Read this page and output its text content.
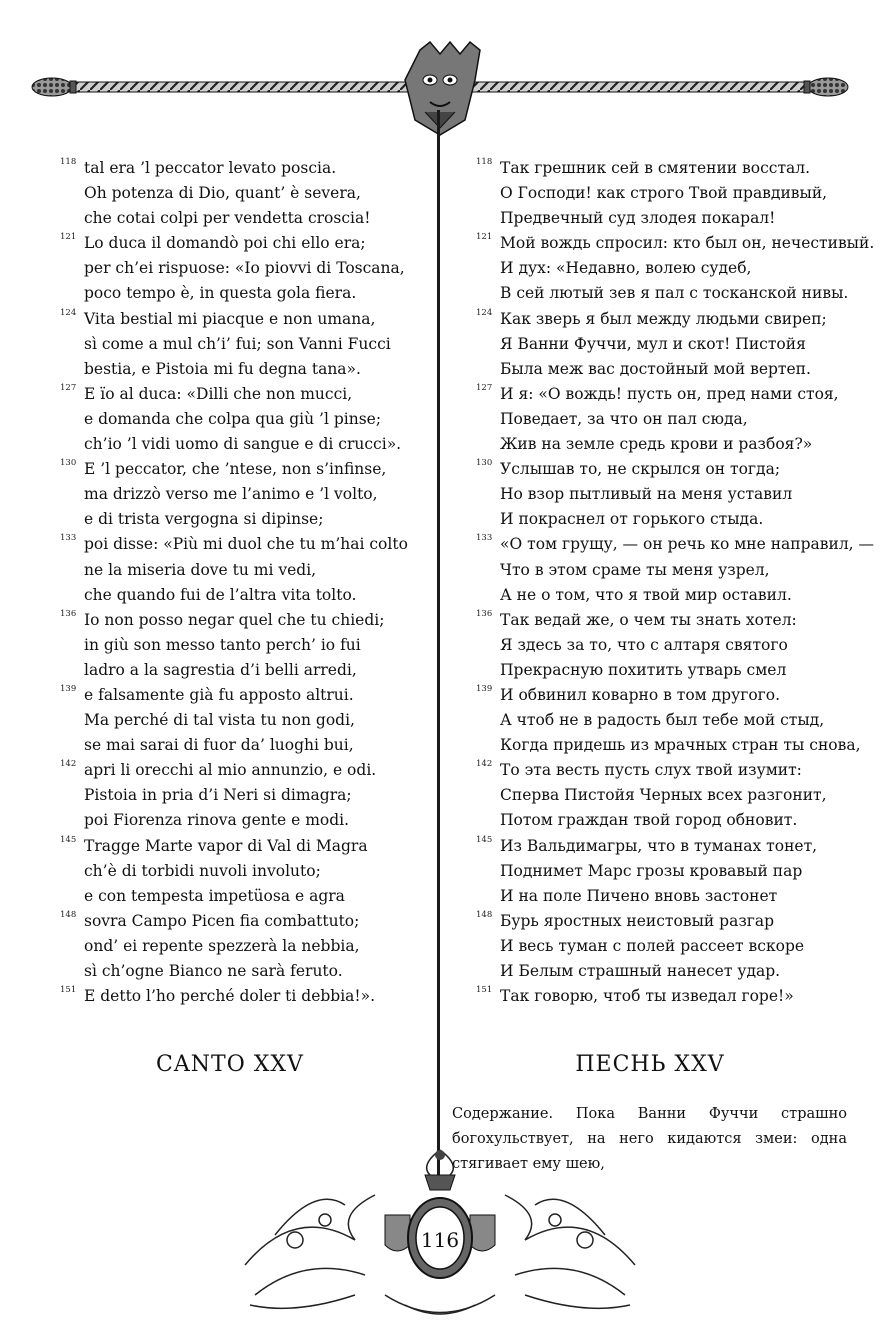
118 tal era ’l peccator levato poscia.
Oh potenza di Dio, quant’ è severa,
che cotai colpi per vendetta croscia!
121 Lo duca il domandò poi chi ello era;
per ch’ei rispuose: «Io piovvi di Toscana,
poco tempo è, in questa gola fiera.
124 Vita bestial mi piacque e non umana,
sì come a mul ch’i’ fui; son Vanni Fucci
bestia, e Pistoia mi fu degna tana».
127 E ïo al duca: «Dilli che non mucci,
e domanda che colpa qua giù ’l pinse;
ch’io ’l vidi uomo di sangue e di crucci».
130 E ’l peccator, che ’ntese, non s’infinse,
ma drizzò verso me l’animo e ’l volto,
e di trista vergogna si dipinse;
133 poi disse: «Più mi duol che tu m’hai colto
ne la miseria dove tu mi vedi,
che quando fui de l’altra vita tolto.
136 Io non posso negar quel che tu chiedi;
in giù son messo tanto perch’ io fui
ladro a la sagrestia d’i belli arredi,
139 e falsamente già fu apposto altrui.
Ma perché di tal vista tu non godi,
se mai sarai di fuor da’ luoghi bui,
142 apri li orecchi al mio annunzio, e odi.
Pistoia in pria d’i Neri si dimagra;
poi Fiorenza rinova gente e modi.
145 Tragge Marte vapor di Val di Magra
ch’è di torbidi nuvoli involuto;
e con tempesta impetüosa e agra
148 sovra Campo Picen fia combattuto;
ond’ ei repente spezzerà la nebbia,
sì ch’ogne Bianco ne sarà feruto.
151 E detto l’ho perché doler ti debbia!».
118 Так грешник сей в смятении восстал.
О Господи! как строго Твой правдивый,
Предвечный суд злодея покарал!
121 Мой вождь спросил: кто был он, нечестивый.
И дух: «Недавно, волею судеб,
В сей лютый зев я пал с тосканской нивы.
124 Как зверь я был между людьми свиреп;
Я Ванни Фуччи, мул и скот! Пистойя
Была меж вас достойный мой вертеп.
127 И я: «О вождь! пусть он, пред нами стоя,
Поведает, за что он пал сюда,
Жив на земле средь крови и разбоя?»
130 Услышав то, не скрылся он тогда;
Но взор пытливый на меня уставил
И покраснел от горького стыда.
133 «О том грущу, — он речь ко мне направил, —
Что в этом сраме ты меня узрел,
А не о том, что я твой мир оставил.
136 Так ведай же, о чем ты знать хотел:
Я здесь за то, что с алтаря святого
Прекрасную похитить утварь смел
139 И обвинил коварно в том другого.
А чтоб не в радость был тебе мой стыд,
Когда придешь из мрачных стран ты снова,
142 То эта весть пусть слух твой изумит:
Сперва Пистойя Черных всех разгонит,
Потом граждан твой город обновит.
145 Из Вальдимагры, что в туманах тонет,
Поднимет Марс грозы кровавый пар
И на поле Пичено вновь застонет
148 Бурь яростных неистовый разгар
И весь туман с полей рассеет вскоре
И Белым страшный нанесет удар.
151 Так говорю, чтоб ты изведал горе!»
CANTO XXV	ПЕСНЬ XXV
Содержание. Пока Ванни Фуччи страшно богохульствует, на него кидаются змеи: одна стягивает ему шею,
116
